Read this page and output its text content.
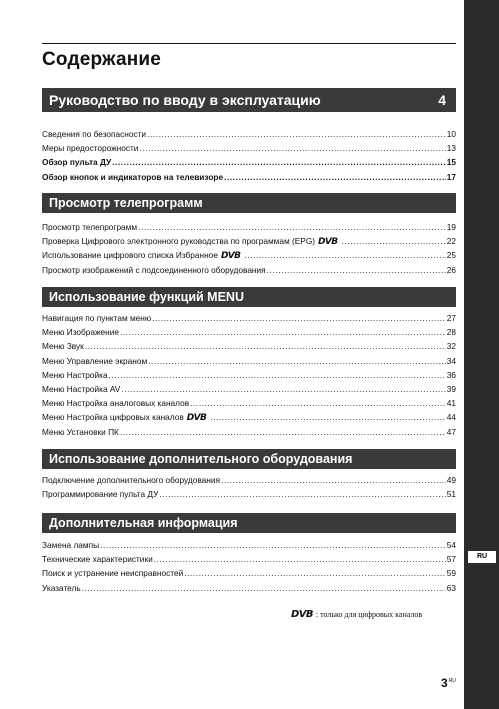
RU
Содержание
Руководство по вводу в эксплуатацию	4
Сведения по безопасности .....	10
Меры предосторожности .....	13
Обзор пульта ДУ .....	15
Обзор кнопок и индикаторов на телевизоре .....	17
Просмотр телепрограмм
Просмотр телепрограмм .....	19
Проверка Цифрового электронного руководства по программам (EPG) DVB .....	22
Использование цифрового списка Избранное DVB .....	25
Просмотр изображений с подсоединенного оборудования .....	26
Использование функций MENU
Навигация по пунктам меню .....	27
Меню Изображение .....	28
Меню Звук .....	32
Меню Управление экраном .....	34
Меню Настройка .....	36
Меню Настройка AV .....	39
Меню Настройка аналоговых каналов .....	41
Меню Настройка цифровых каналов DVB .....	44
Меню Установки ПК .....	47
Использование дополнительного оборудования
Подключение дополнительного оборудования .....	49
Программирование пульта ДУ .....	51
Дополнительная информация
Замена лампы .....	54
Технические характеристики .....	57
Поиск и устранение неисправностей .....	59
Указатель .....	63
DVB : только для цифровых каналов
$3^{RU}$
